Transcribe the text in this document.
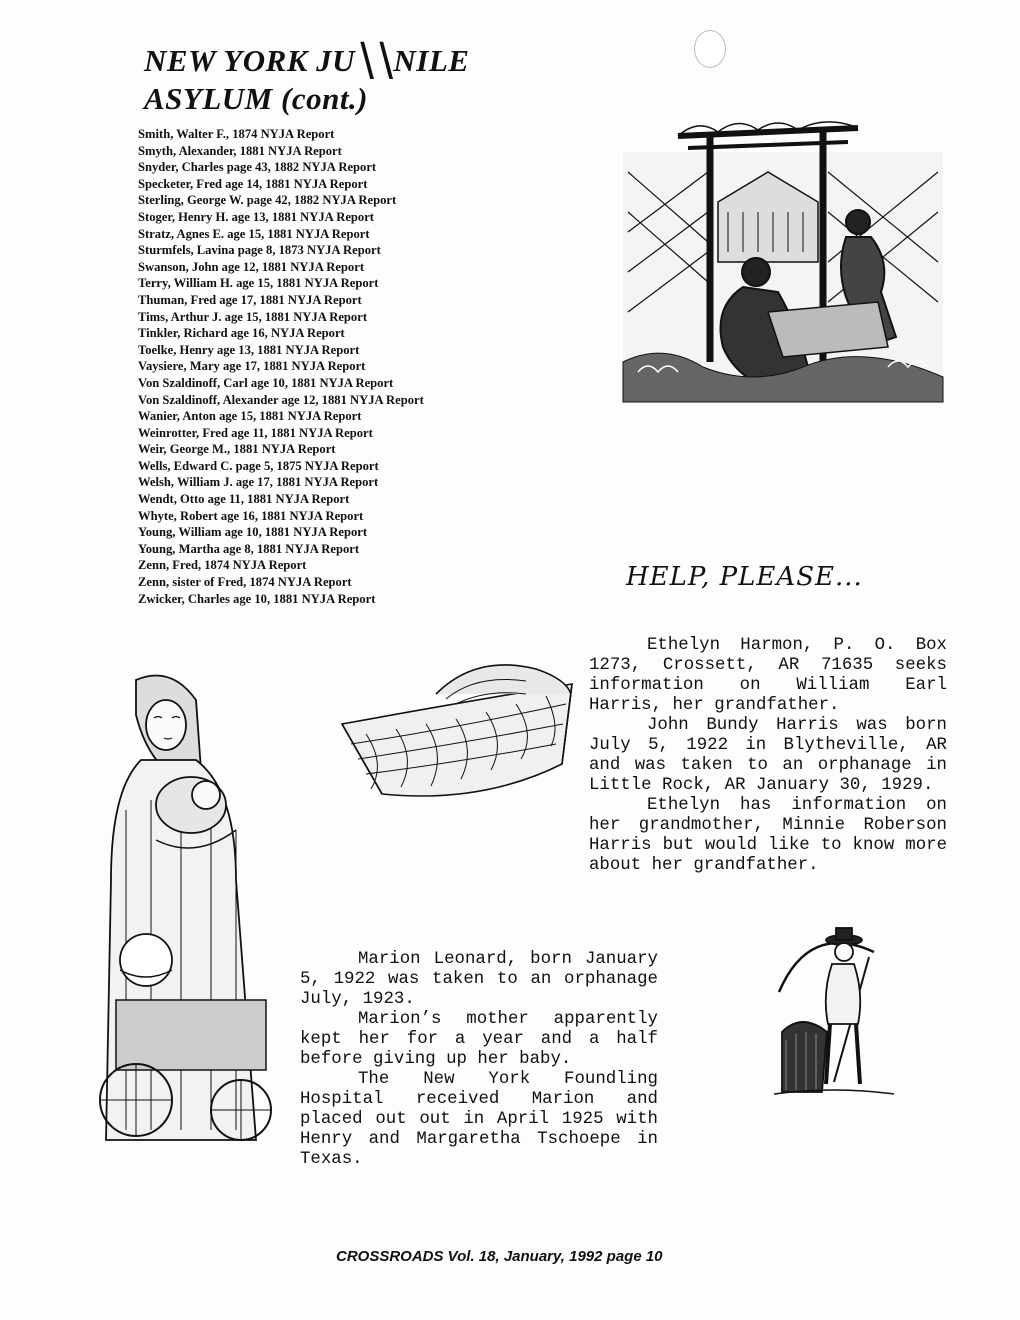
NEW YORK JU╲╲NILE
ASYLUM (cont.)
Smith, Walter F., 1874 NYJA Report
Smyth, Alexander, 1881 NYJA Report
Snyder, Charles page 43, 1882 NYJA Report
Specketer, Fred age 14, 1881 NYJA Report
Sterling, George W. page 42, 1882 NYJA Report
Stoger, Henry H. age 13, 1881 NYJA Report
Stratz, Agnes E. age 15, 1881 NYJA Report
Sturmfels, Lavina page 8, 1873 NYJA Report
Swanson, John age 12, 1881 NYJA Report
Terry, William H. age 15, 1881 NYJA Report
Thuman, Fred age 17, 1881 NYJA Report
Tims, Arthur J. age 15, 1881 NYJA Report
Tinkler, Richard age 16, NYJA Report
Toelke, Henry age 13, 1881 NYJA Report
Vaysiere, Mary age 17, 1881 NYJA Report
Von Szaldinoff, Carl age 10, 1881 NYJA Report
Von Szaldinoff, Alexander age 12, 1881 NYJA Report
Wanier, Anton age 15, 1881 NYJA Report
Weinrotter, Fred age 11, 1881 NYJA Report
Weir, George M., 1881 NYJA Report
Wells, Edward C. page 5, 1875 NYJA Report
Welsh, William J. age 17, 1881 NYJA Report
Wendt, Otto age 11, 1881 NYJA Report
Whyte, Robert age 16, 1881 NYJA Report
Young, William age 10, 1881 NYJA Report
Young, Martha age 8, 1881 NYJA Report
Zenn, Fred, 1874 NYJA Report
Zenn, sister of Fred, 1874 NYJA Report
Zwicker, Charles age 10, 1881 NYJA Report
HELP, PLEASE...

Ethelyn Harmon, P. O. Box 1273, Crossett, AR 71635 seeks information on William Earl Harris, her grandfather.

John Bundy Harris was born July 5, 1922 in Blytheville, AR and was taken to an orphanage in Little Rock, AR January 30, 1929.

Ethelyn has information on her grandmother, Minnie Roberson Harris but would like to know more about her grandfather.

Marion Leonard, born January 5, 1922 was taken to an orphanage July, 1923.

Marion’s mother apparently kept her for a year and a half before giving up her baby.

The New York Foundling Hospital received Marion and placed out out in April 1925 with Henry and Margaretha Tschoepe in Texas.

CROSSROADS Vol. 18, January, 1992 page 10
